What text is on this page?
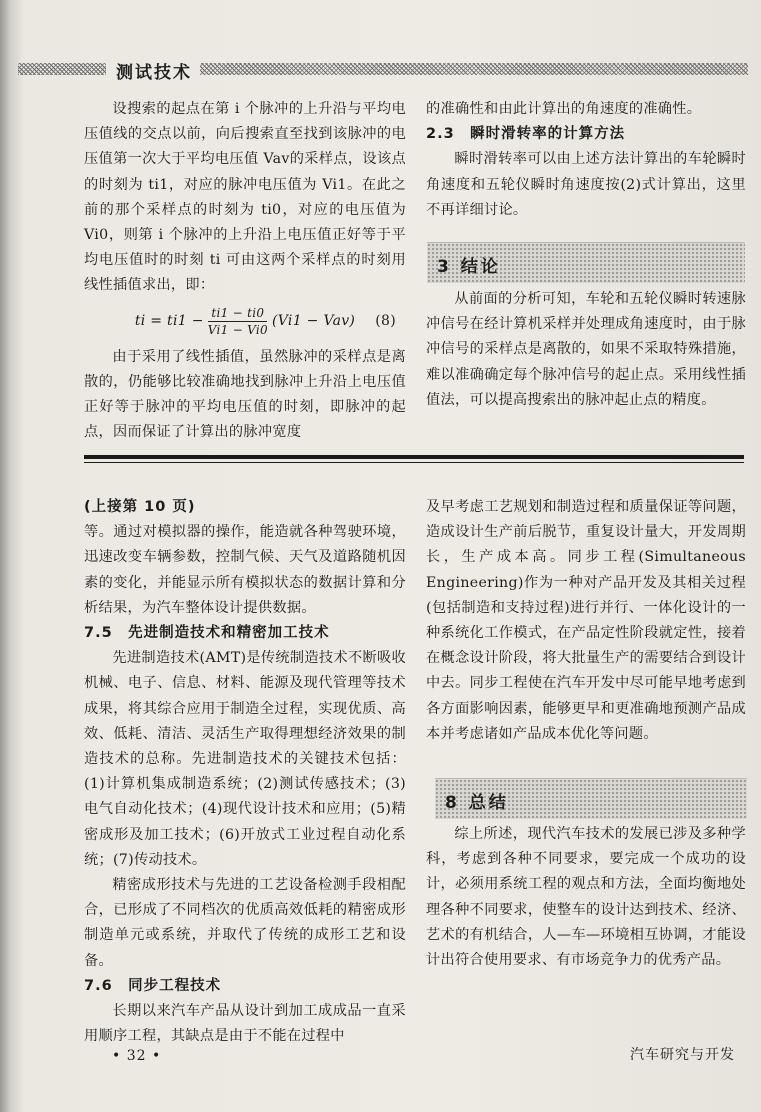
测试技术

设搜索的起点在第 i 个脉冲的上升沿与平均电压值线的交点以前，向后搜索直至找到该脉冲的电压值第一次大于平均电压值 Vav的采样点，设该点的时刻为 ti1，对应的脉冲电压值为 Vi1。在此之前的那个采样点的时刻为 ti0，对应的电压值为 Vi0，则第 i 个脉冲的上升沿上电压值正好等于平均电压值时的时刻 ti 可由这两个采样点的时刻用线性插值求出，即：

ti = $ti1 - \frac{ti1 - ti0}{Vi1 - Vi0} (Vi1 - Vav)$ (8)

由于采用了线性插值，虽然脉冲的采样点是离散的，仍能够比较准确地找到脉冲上升沿上电压值正好等于脉冲的平均电压值的时刻，即脉冲的起点，因而保证了计算出的脉冲宽度

的准确性和由此计算出的角速度的准确性。

2.3　瞬时滑转率的计算方法

瞬时滑转率可以由上述方法计算出的车轮瞬时角速度和五轮仪瞬时角速度按(2)式计算出，这里不再详细讨论。

3 结论

从前面的分析可知，车轮和五轮仪瞬时转速脉冲信号在经计算机采样并处理成角速度时，由于脉冲信号的采样点是离散的，如果不采取特殊措施，难以准确确定每个脉冲信号的起止点。采用线性插值法，可以提高搜索出的脉冲起止点的精度。

(上接第 10 页)

等。通过对模拟器的操作，能造就各种驾驶环境，迅速改变车辆参数，控制气候、天气及道路随机因素的变化，并能显示所有模拟状态的数据计算和分析结果，为汽车整体设计提供数据。

7.5　先进制造技术和精密加工技术

先进制造技术(AMT)是传统制造技术不断吸收机械、电子、信息、材料、能源及现代管理等技术成果，将其综合应用于制造全过程，实现优质、高效、低耗、清洁、灵活生产取得理想经济效果的制造技术的总称。先进制造技术的关键技术包括：(1)计算机集成制造系统；(2)测试传感技术；(3)电气自动化技术；(4)现代设计技术和应用；(5)精密成形及加工技术；(6)开放式工业过程自动化系统；(7)传动技术。

精密成形技术与先进的工艺设备检测手段相配合，已形成了不同档次的优质高效低耗的精密成形制造单元或系统，并取代了传统的成形工艺和设备。

7.6　同步工程技术

长期以来汽车产品从设计到加工成成品一直采用顺序工程，其缺点是由于不能在过程中

及早考虑工艺规划和制造过程和质量保证等问题，造成设计生产前后脱节，重复设计量大，开发周期长，生产成本高。同步工程(Simultaneous Engineering)作为一种对产品开发及其相关过程(包括制造和支持过程)进行并行、一体化设计的一种系统化工作模式，在产品定性阶段就定性，接着在概念设计阶段，将大批量生产的需要结合到设计中去。同步工程使在汽车开发中尽可能早地考虑到各方面影响因素，能够更早和更准确地预测产品成本并考虑诸如产品成本优化等问题。

8 总结

综上所述，现代汽车技术的发展已涉及多种学科，考虑到各种不同要求，要完成一个成功的设计，必须用系统工程的观点和方法，全面均衡地处理各种不同要求，使整车的设计达到技术、经济、艺术的有机结合，人—车—环境相互协调，才能设计出符合使用要求、有市场竞争力的优秀产品。

• 32 •	汽车研究与开发
